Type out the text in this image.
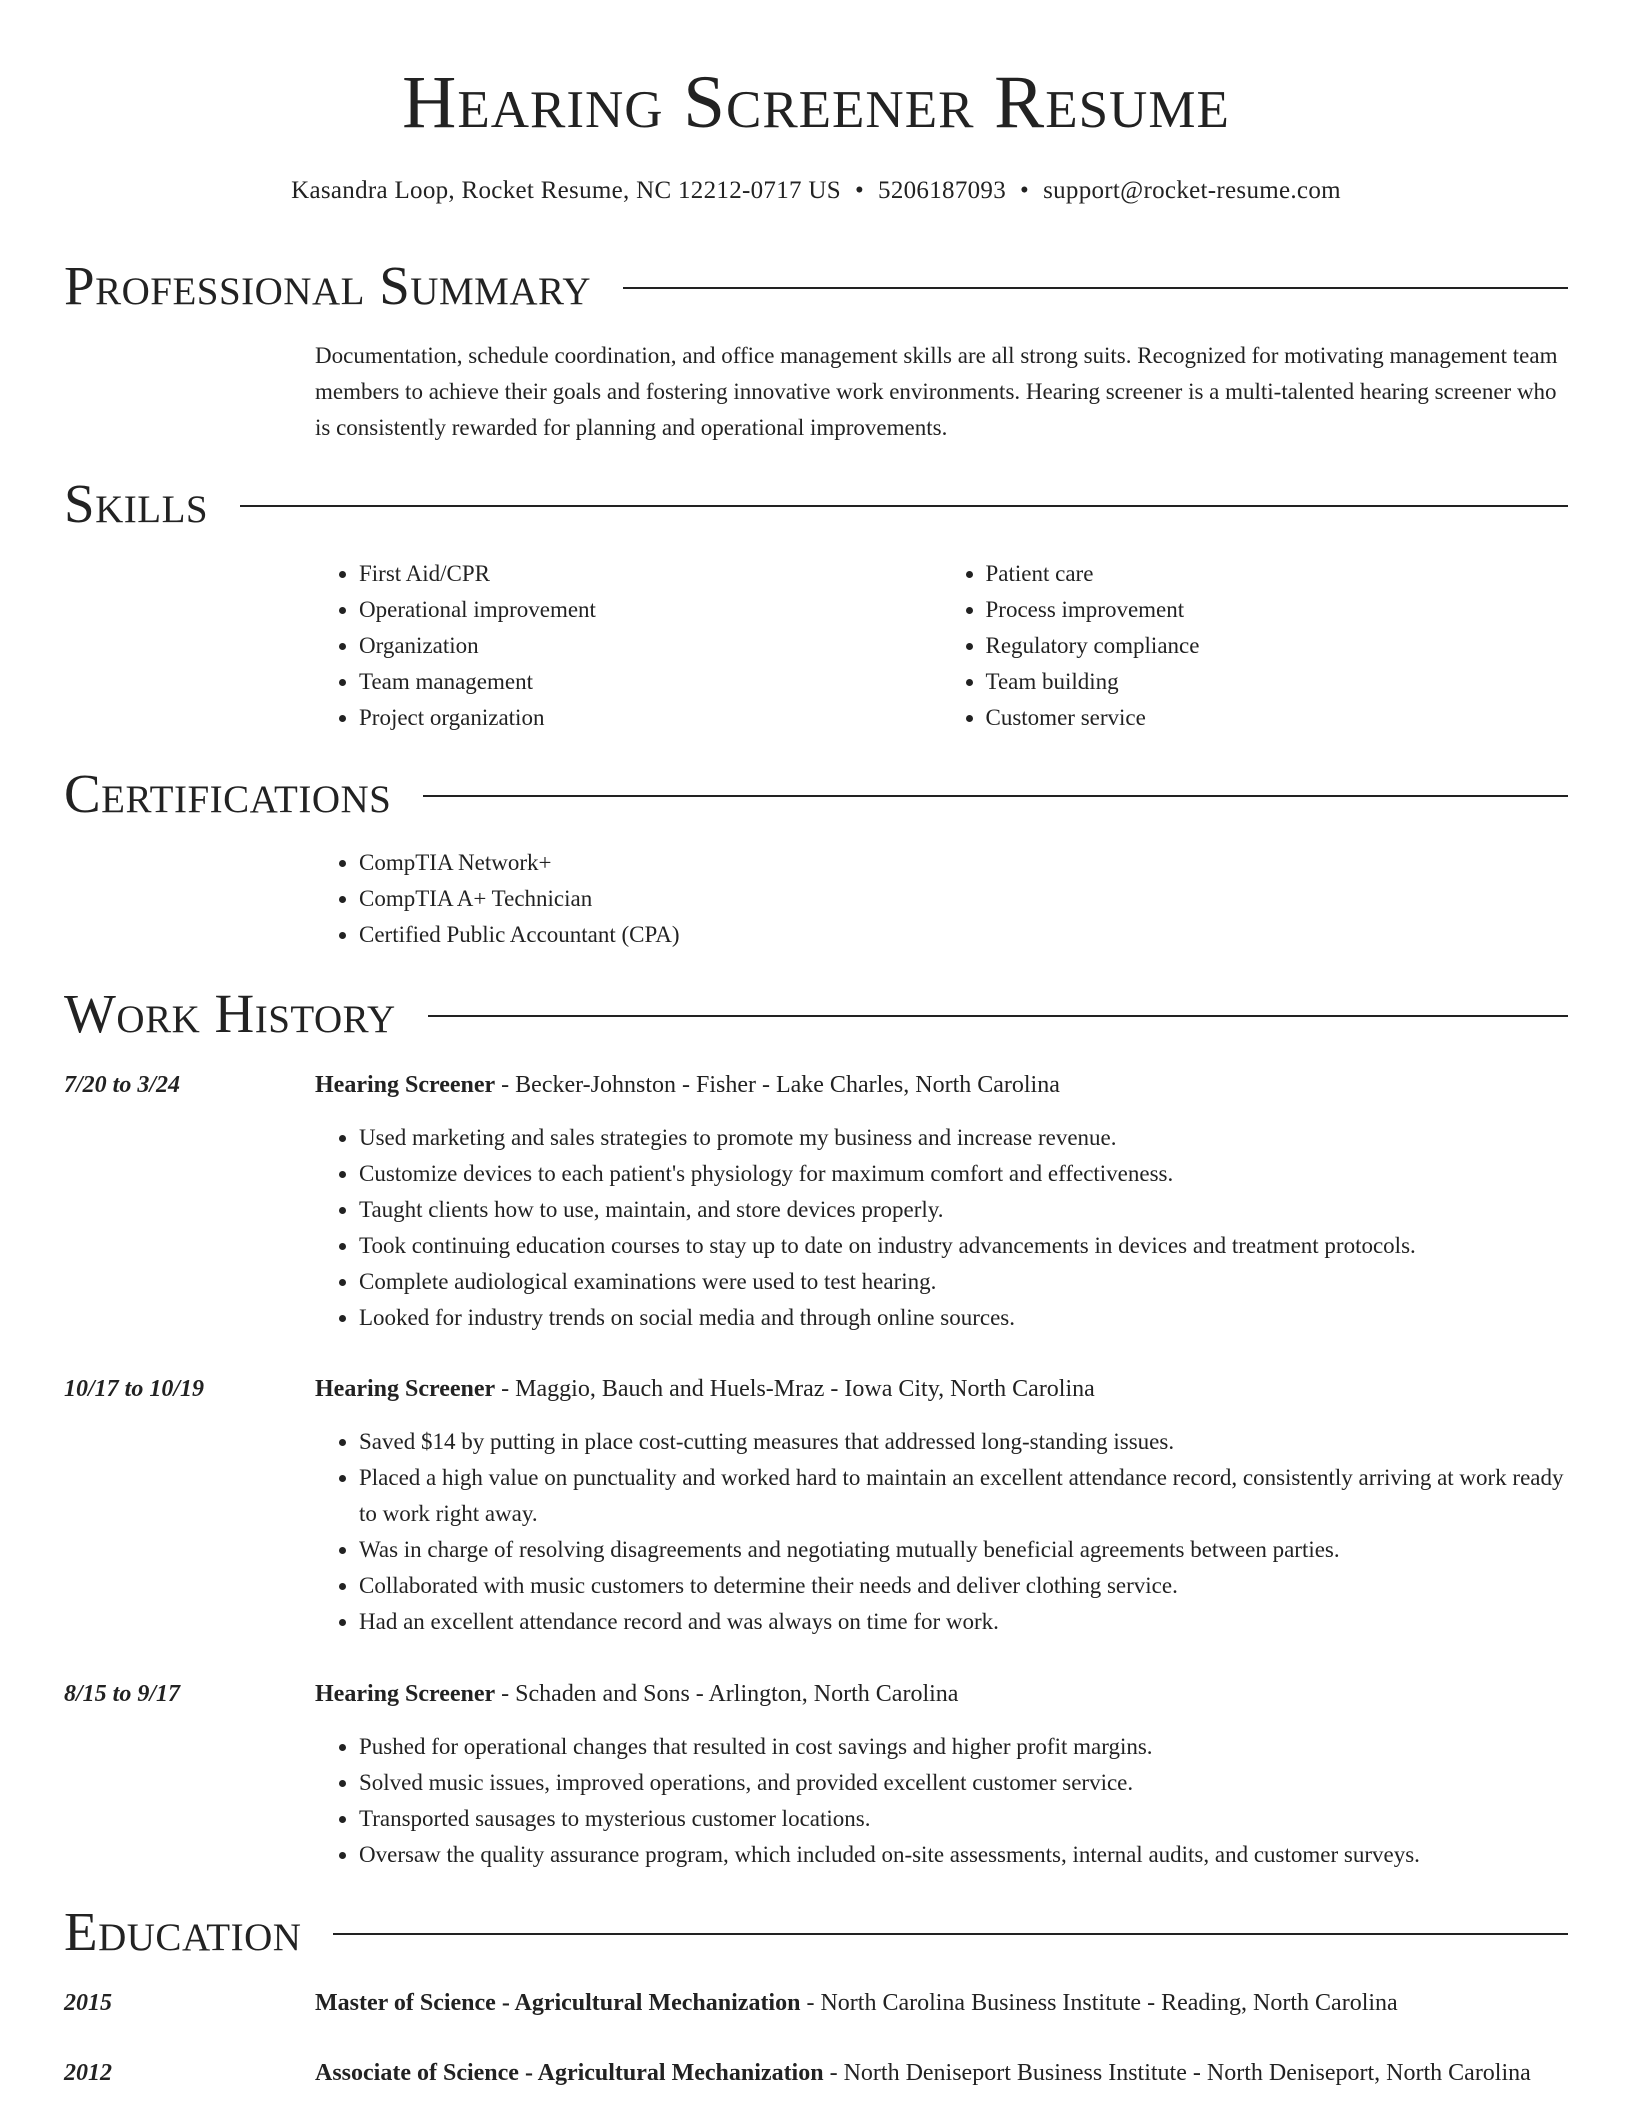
Hearing Screener Resume
Kasandra Loop, Rocket Resume, NC 12212-0717 US • 5206187093 • support@rocket-resume.com
Professional Summary
Documentation, schedule coordination, and office management skills are all strong suits. Recognized for motivating management team members to achieve their goals and fostering innovative work environments. Hearing screener is a multi-talented hearing screener who is consistently rewarded for planning and operational improvements.
Skills
• First Aid/CPR
• Operational improvement
• Organization
• Team management
• Project organization
• Patient care
• Process improvement
• Regulatory compliance
• Team building
• Customer service
Certifications
• CompTIA Network+
• CompTIA A+ Technician
• Certified Public Accountant (CPA)
Work History
7/20 to 3/24	Hearing Screener - Becker-Johnston - Fisher - Lake Charles, North Carolina
• Used marketing and sales strategies to promote my business and increase revenue.
• Customize devices to each patient's physiology for maximum comfort and effectiveness.
• Taught clients how to use, maintain, and store devices properly.
• Took continuing education courses to stay up to date on industry advancements in devices and treatment protocols.
• Complete audiological examinations were used to test hearing.
• Looked for industry trends on social media and through online sources.
10/17 to 10/19	Hearing Screener - Maggio, Bauch and Huels-Mraz - Iowa City, North Carolina
• Saved $14 by putting in place cost-cutting measures that addressed long-standing issues.
• Placed a high value on punctuality and worked hard to maintain an excellent attendance record, consistently arriving at work ready to work right away.
• Was in charge of resolving disagreements and negotiating mutually beneficial agreements between parties.
• Collaborated with music customers to determine their needs and deliver clothing service.
• Had an excellent attendance record and was always on time for work.
8/15 to 9/17	Hearing Screener - Schaden and Sons - Arlington, North Carolina
• Pushed for operational changes that resulted in cost savings and higher profit margins.
• Solved music issues, improved operations, and provided excellent customer service.
• Transported sausages to mysterious customer locations.
• Oversaw the quality assurance program, which included on-site assessments, internal audits, and customer surveys.
Education
2015	Master of Science - Agricultural Mechanization - North Carolina Business Institute - Reading, North Carolina
2012	Associate of Science - Agricultural Mechanization - North Deniseport Business Institute - North Deniseport, North Carolina
